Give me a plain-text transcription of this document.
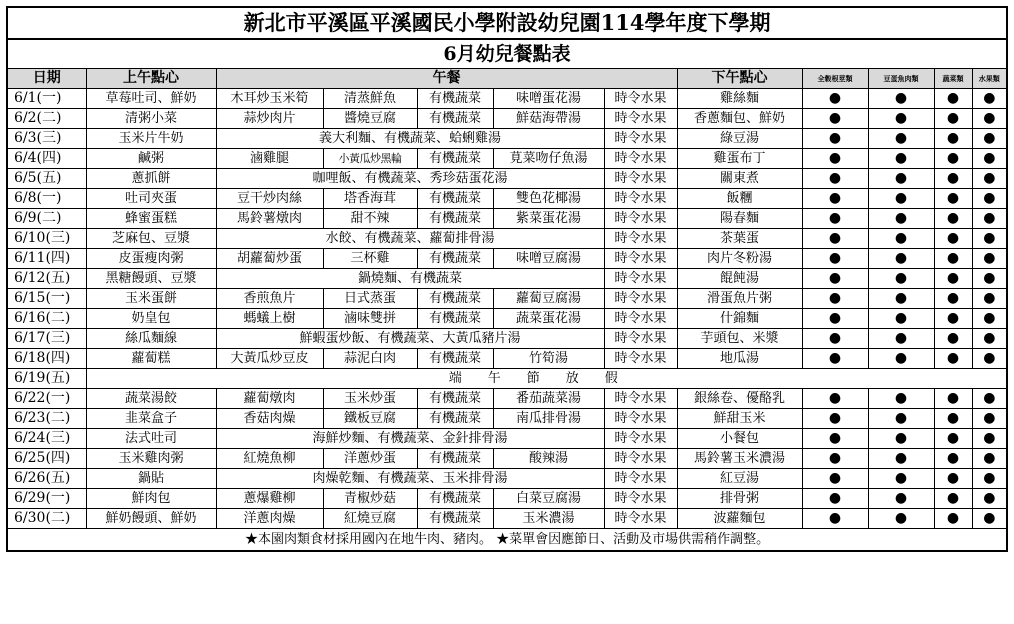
新北市平溪區平溪國民小學附設幼兒園114學年度下學期											
6月幼兒餐點表											
日期	上午點心	午餐					下午點心	全穀根莖類	豆蛋魚肉類	蔬菜類	水果類
6/1(一)	草莓吐司、鮮奶	木耳炒玉米筍	清蒸鮮魚	有機蔬菜	味噌蛋花湯	時令水果	雞絲麵	●	●	●	●
6/2(二)	清粥小菜	蒜炒肉片	醬燒豆腐	有機蔬菜	鮮菇海帶湯	時令水果	香蔥麵包、鮮奶	●	●	●	●
6/3(三)	玉米片牛奶	義大利麵、有機蔬菜、蛤蜊雞湯				時令水果	綠豆湯	●	●	●	●
6/4(四)	鹹粥	滷雞腿	小黃瓜炒黑輪	有機蔬菜	莧菜吻仔魚湯	時令水果	雞蛋布丁	●	●	●	●
6/5(五)	蔥抓餅	咖哩飯、有機蔬菜、秀珍菇蛋花湯				時令水果	關東煮	●	●	●	●
6/8(一)	吐司夾蛋	豆干炒肉絲	塔香海茸	有機蔬菜	雙色花椰湯	時令水果	飯糰	●	●	●	●
6/9(二)	蜂蜜蛋糕	馬鈴薯燉肉	甜不辣	有機蔬菜	紫菜蛋花湯	時令水果	陽春麵	●	●	●	●
6/10(三)	芝麻包、豆漿	水餃、有機蔬菜、蘿蔔排骨湯				時令水果	茶葉蛋	●	●	●	●
6/11(四)	皮蛋瘦肉粥	胡蘿蔔炒蛋	三杯雞	有機蔬菜	味噌豆腐湯	時令水果	肉片冬粉湯	●	●	●	●
6/12(五)	黑糖饅頭、豆漿	鍋燒麵、有機蔬菜				時令水果	餛飩湯	●	●	●	●
6/15(一)	玉米蛋餅	香煎魚片	日式蒸蛋	有機蔬菜	蘿蔔豆腐湯	時令水果	滑蛋魚片粥	●	●	●	●
6/16(二)	奶皇包	螞蟻上樹	滷味雙拼	有機蔬菜	蔬菜蛋花湯	時令水果	什錦麵	●	●	●	●
6/17(三)	絲瓜麵線	鮮蝦蛋炒飯、有機蔬菜、大黃瓜豬片湯				時令水果	芋頭包、米漿	●	●	●	●
6/18(四)	蘿蔔糕	大黃瓜炒豆皮	蒜泥白肉	有機蔬菜	竹筍湯	時令水果	地瓜湯	●	●	●	●
6/19(五)	端午節放假										
6/22(一)	蔬菜湯餃	蘿蔔燉肉	玉米炒蛋	有機蔬菜	番茄蔬菜湯	時令水果	銀絲卷、優酪乳	●	●	●	●
6/23(二)	韭菜盒子	香菇肉燥	鐵板豆腐	有機蔬菜	南瓜排骨湯	時令水果	鮮甜玉米	●	●	●	●
6/24(三)	法式吐司	海鮮炒麵、有機蔬菜、金針排骨湯				時令水果	小餐包	●	●	●	●
6/25(四)	玉米雞肉粥	紅燒魚柳	洋蔥炒蛋	有機蔬菜	酸辣湯	時令水果	馬鈴薯玉米濃湯	●	●	●	●
6/26(五)	鍋貼	肉燥乾麵、有機蔬菜、玉米排骨湯				時令水果	紅豆湯	●	●	●	●
6/29(一)	鮮肉包	蔥爆雞柳	青椒炒菇	有機蔬菜	白菜豆腐湯	時令水果	排骨粥	●	●	●	●
6/30(二)	鮮奶饅頭、鮮奶	洋蔥肉燥	紅燒豆腐	有機蔬菜	玉米濃湯	時令水果	波蘿麵包	●	●	●	●
★本園肉類食材採用國內在地牛肉、豬肉。 ★菜單會因應節日、活動及市場供需稍作調整。											
